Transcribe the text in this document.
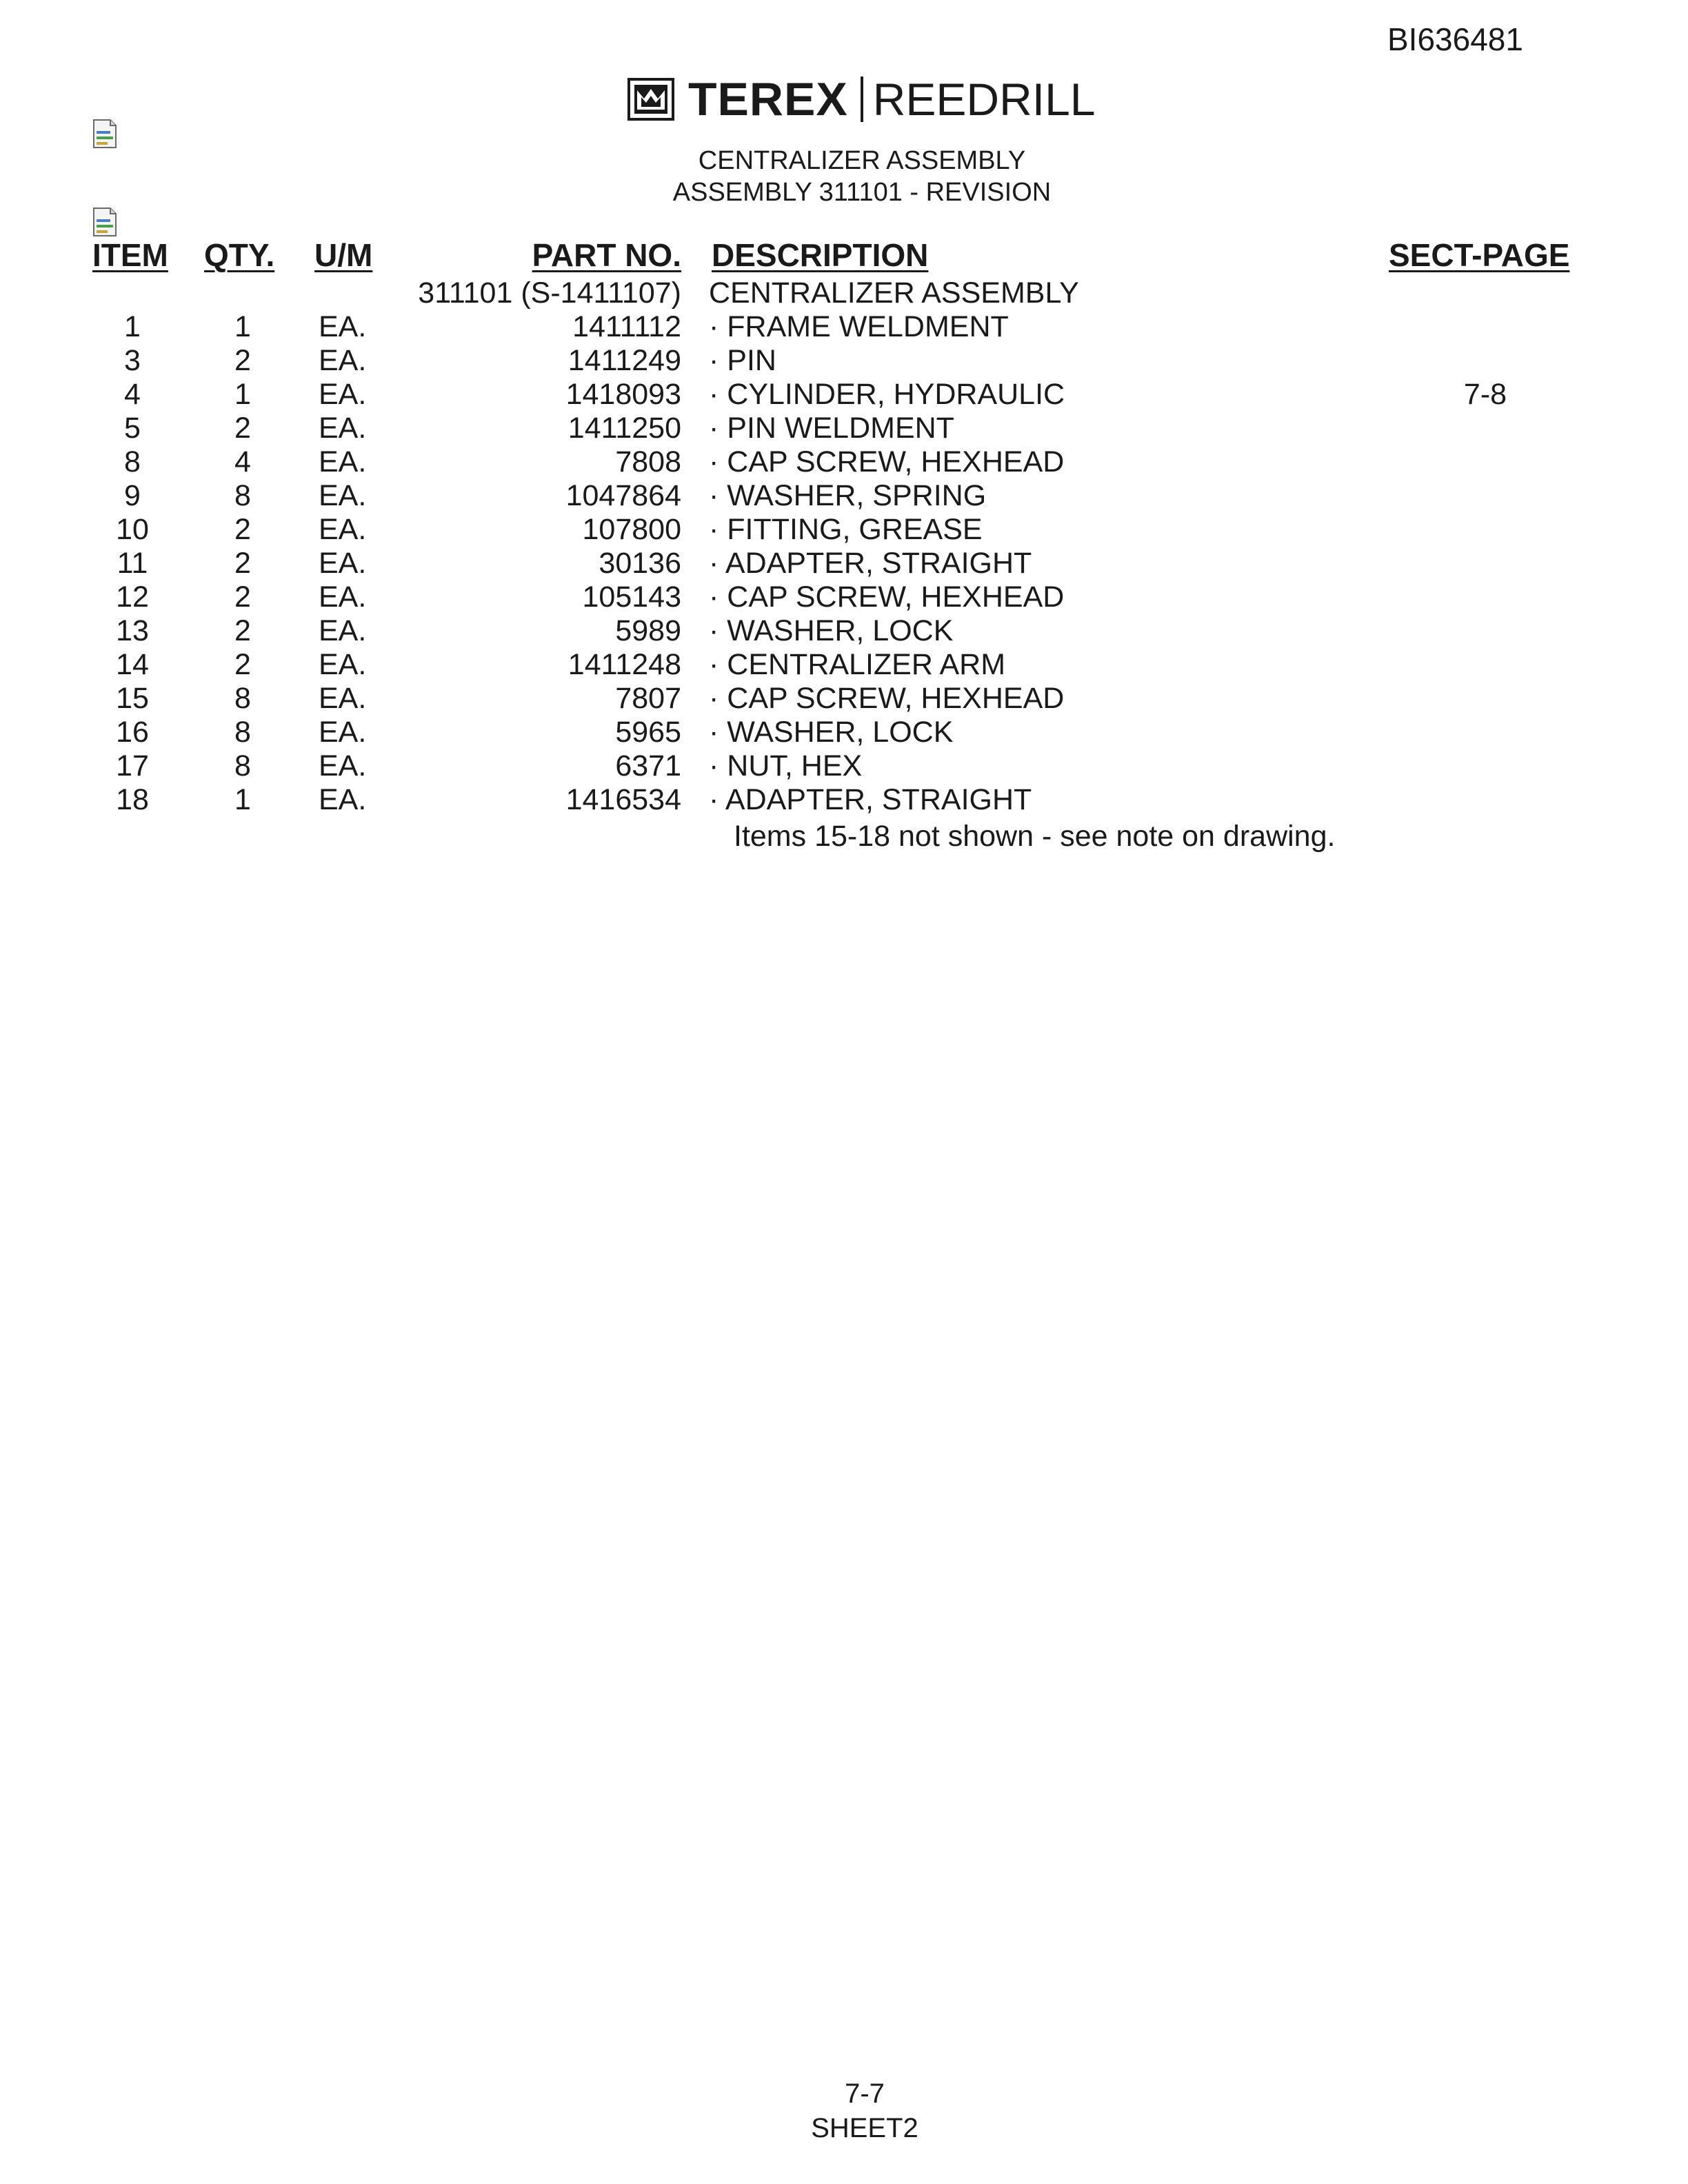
BI636481
TEREX REEDRILL
CENTRALIZER ASSEMBLY
ASSEMBLY 311101 - REVISION
ITEM QTY. U/M	PART NO. DESCRIPTION	SECT-PAGE
311101 (S-1411107) CENTRALIZER ASSEMBLY
1	1	EA.	1411112 · FRAME WELDMENT
3	2	EA.	1411249 · PIN
4	1	EA.	1418093 · CYLINDER, HYDRAULIC	7-8
5	2	EA.	1411250 · PIN WELDMENT
8	4	EA.	7808 · CAP SCREW, HEXHEAD
9	8	EA.	1047864 · WASHER, SPRING
10	2	EA.	107800 · FITTING, GREASE
11	2	EA.	30136 · ADAPTER, STRAIGHT
12	2	EA.	105143 · CAP SCREW, HEXHEAD
13	2	EA.	5989 · WASHER, LOCK
14	2	EA.	1411248 · CENTRALIZER ARM
15	8	EA.	7807 · CAP SCREW, HEXHEAD
16	8	EA.	5965 · WASHER, LOCK
17	8	EA.	6371 · NUT, HEX
18	1	EA.	1416534 · ADAPTER, STRAIGHT
Items 15-18 not shown - see note on drawing.
7-7
SHEET2
